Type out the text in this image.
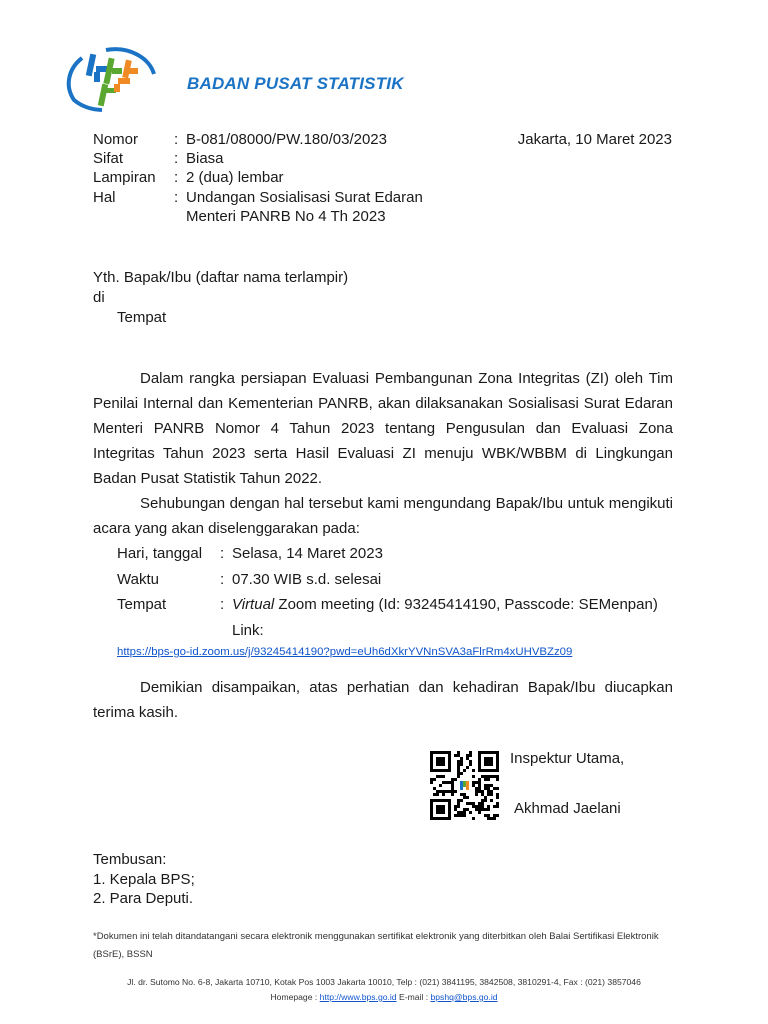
BADAN PUSAT STATISTIK
Nomor : B-081/08000/PW.180/03/2023	Jakarta, 10 Maret 2023
Sifat	: Biasa
Lampiran : 2 (dua) lembar
Hal	: Undangan Sosialisasi Surat Edaran
Menteri PANRB No 4 Th 2023
Yth. Bapak/Ibu (daftar nama terlampir)
di
Tempat
Dalam rangka persiapan Evaluasi Pembangunan Zona Integritas (ZI) oleh Tim Penilai Internal dan Kementerian PANRB, akan dilaksanakan Sosialisasi Surat Edaran Menteri PANRB Nomor 4 Tahun 2023 tentang Pengusulan dan Evaluasi Zona Integritas Tahun 2023 serta Hasil Evaluasi ZI menuju WBK/WBBM di Lingkungan Badan Pusat Statistik Tahun 2022.
Sehubungan dengan hal tersebut kami mengundang Bapak/Ibu untuk mengikuti acara yang akan diselenggarakan pada:
Hari, tanggal : Selasa, 14 Maret 2023
Waktu	: 07.30 WIB s.d. selesai
Tempat	: Virtual Zoom meeting (Id: 93245414190, Passcode: SEMenpan)
Link:
https://bps-go-id.zoom.us/j/93245414190?pwd=eUh6dXkrYVNnSVA3aFlrRm4xUHVBZz09
Demikian disampaikan, atas perhatian dan kehadiran Bapak/Ibu diucapkan terima kasih.
Inspektur Utama,
Akhmad Jaelani
Tembusan:
1. Kepala BPS;
2. Para Deputi.
*Dokumen ini telah ditandatangani secara elektronik menggunakan sertifikat elektronik yang diterbitkan oleh Balai Sertifikasi Elektronik (BSrE), BSSN
Jl. dr. Sutomo No. 6-8, Jakarta 10710, Kotak Pos 1003 Jakarta 10010, Telp : (021) 3841195, 3842508, 3810291-4, Fax : (021) 3857046
Homepage : http://www.bps.go.id E-mail : bpshq@bps.go.id
